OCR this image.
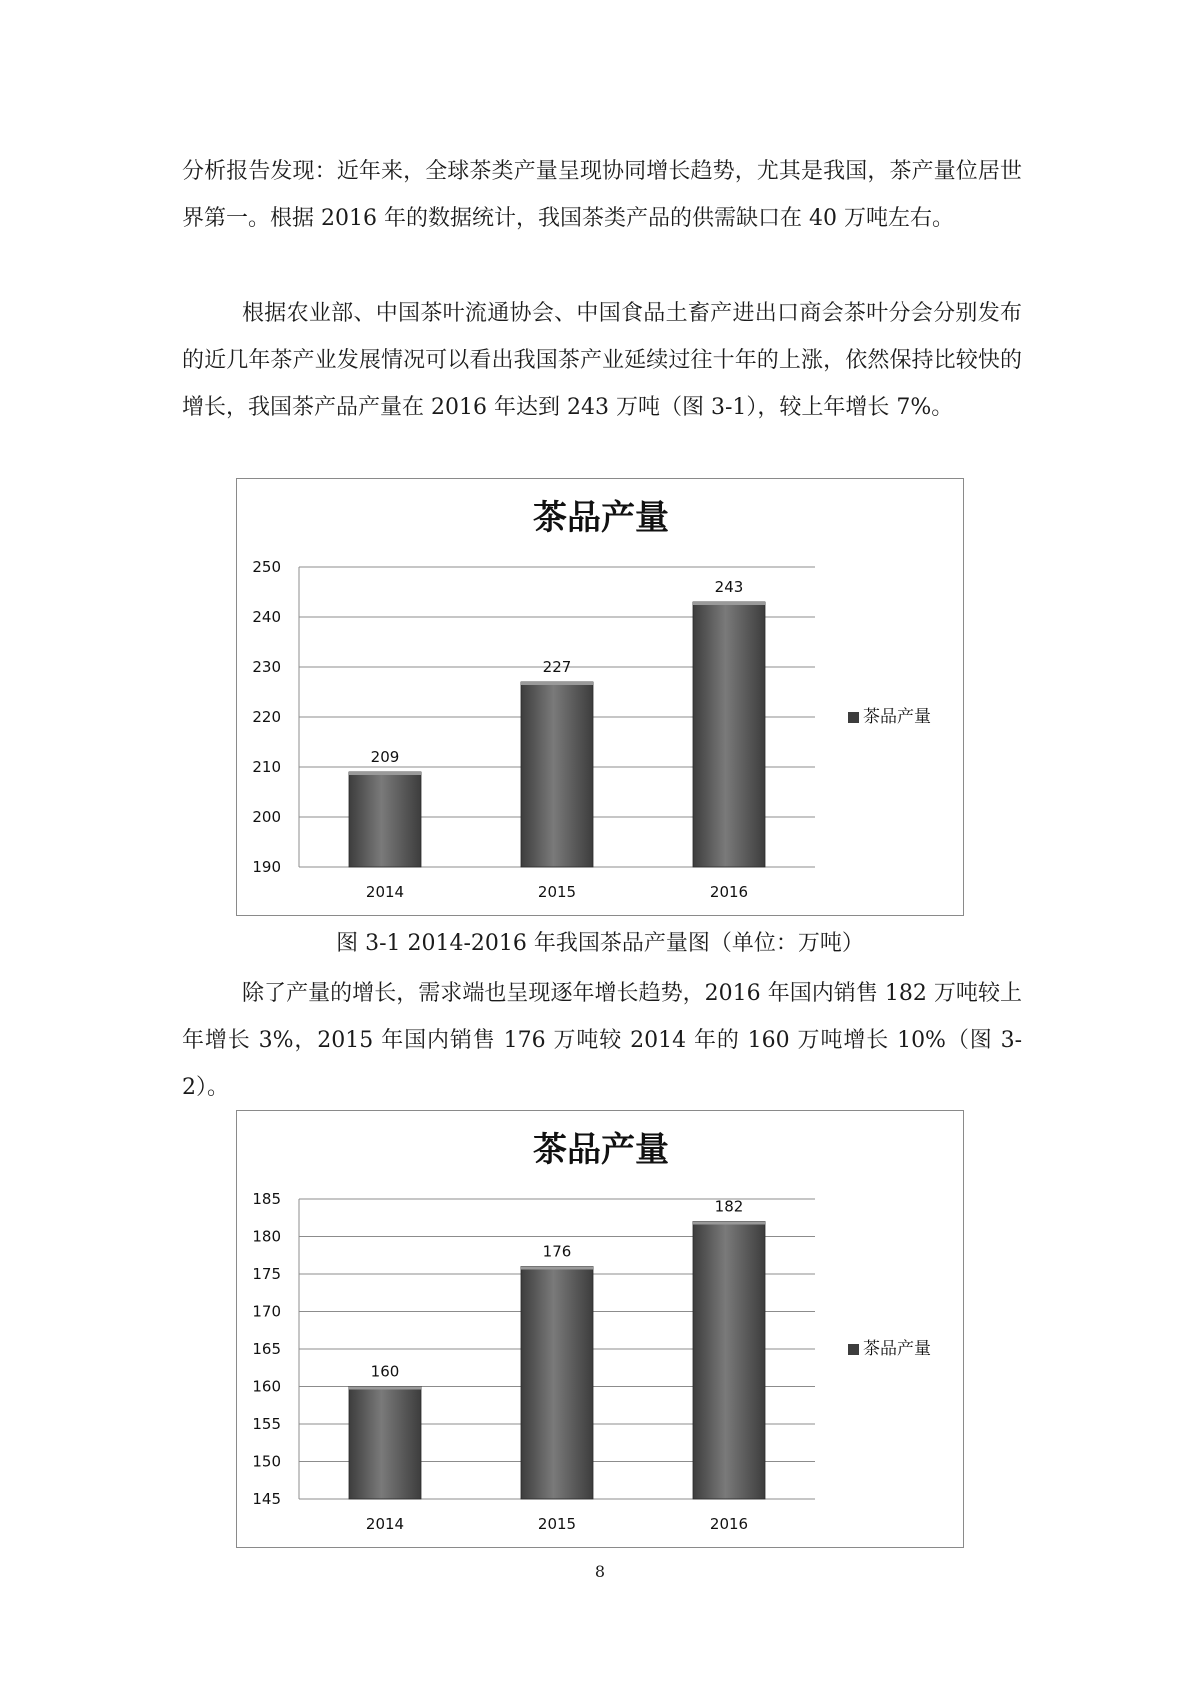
分析报告发现：近年来，全球茶类产量呈现协同增长趋势，尤其是我国，茶产量位居世界第一。根据 2016 年的数据统计，我国茶类产品的供需缺口在 40 万吨左右。

根据农业部、中国茶叶流通协会、中国食品土畜产进出口商会茶叶分会分别发布的近几年茶产业发展情况可以看出我国茶产业延续过往十年的上涨，依然保持比较快的增长，我国茶产品产量在 2016 年达到 243 万吨（图 3-1），较上年增长 7%。

茶品产量
190
200
210
220
230
240
250
209
2014
227
2015
243
2016
茶品产量

图 3-1 2014-2016 年我国茶品产量图（单位：万吨）

除了产量的增长，需求端也呈现逐年增长趋势，2016 年国内销售 182 万吨较上年增长 3%，2015 年国内销售 176 万吨较 2014 年的 160 万吨增长 10%（图 3-2）。

茶品产量
145
150
155
160
165
170
175
180
185
160
2014
176
2015
182
2016
茶品产量
8
